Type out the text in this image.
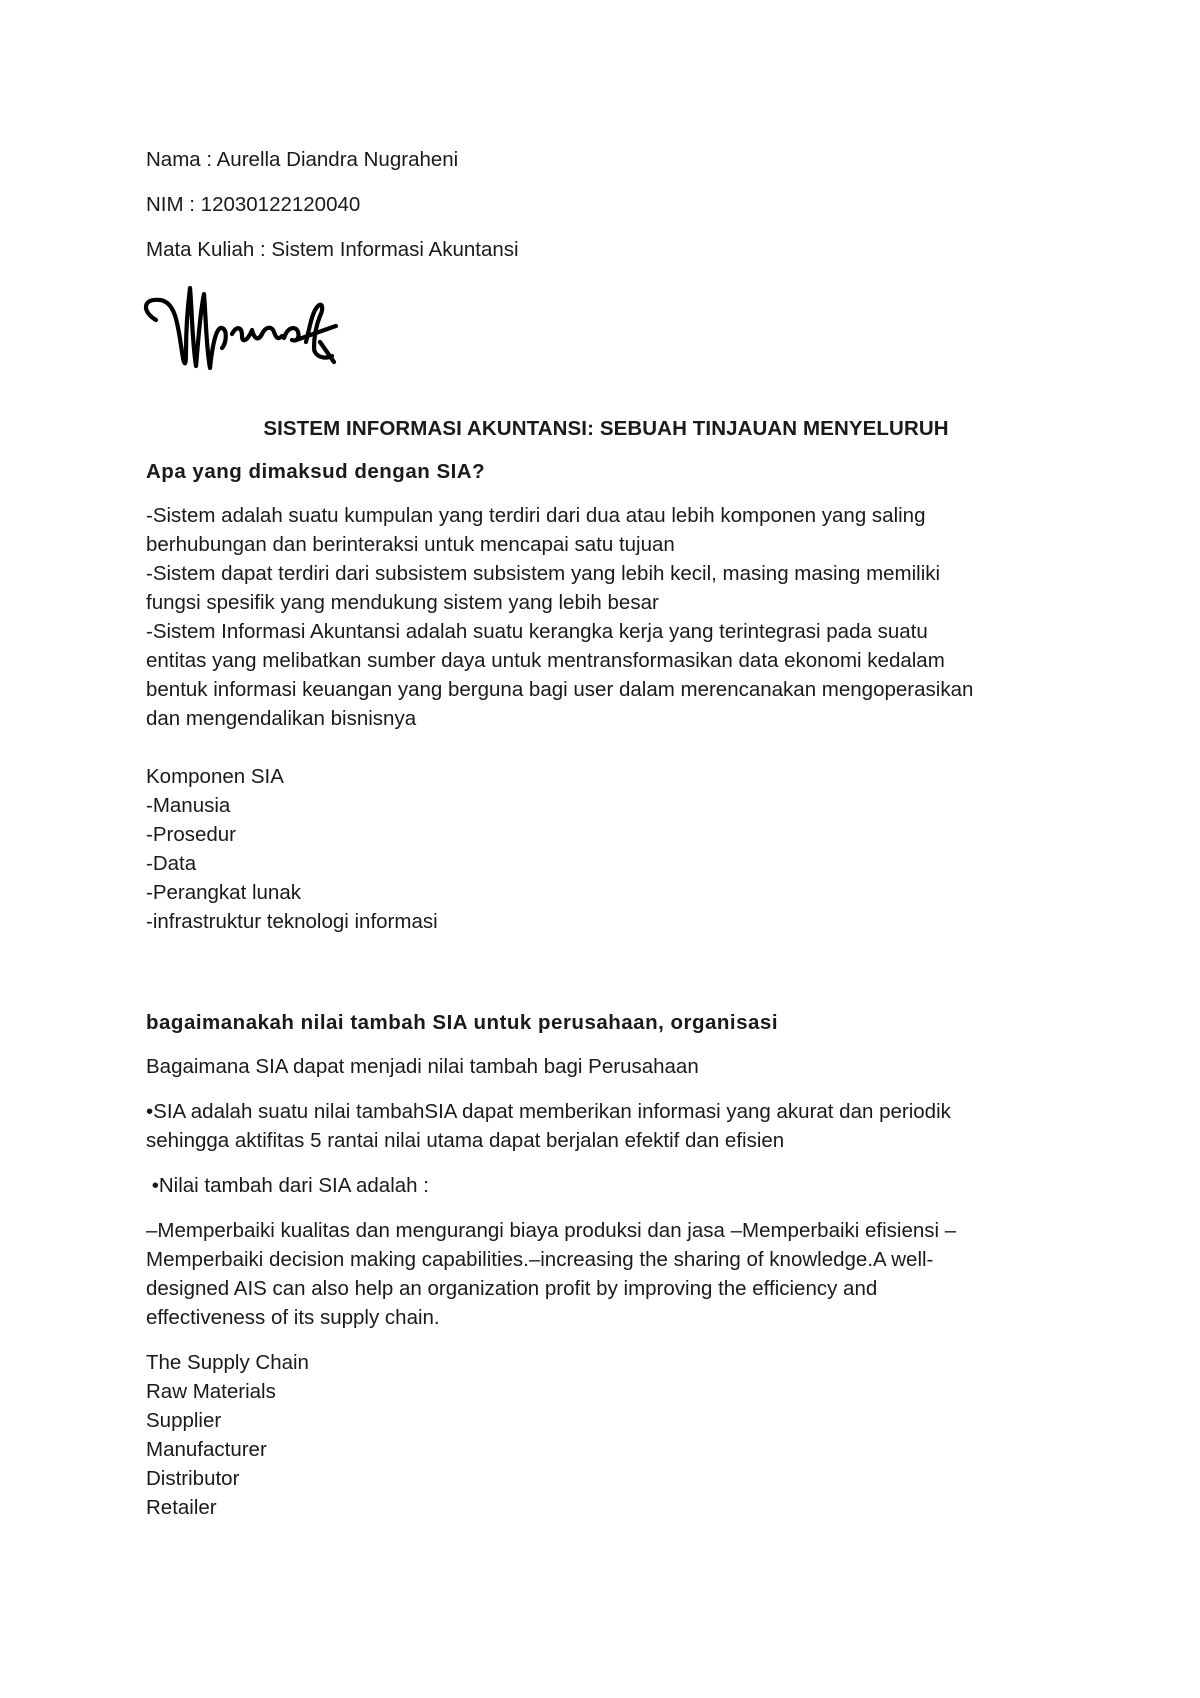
Nama : Aurella Diandra Nugraheni

NIM : 12030122120040

Mata Kuliah : Sistem Informasi Akuntansi

SISTEM INFORMASI AKUNTANSI: SEBUAH TINJAUAN MENYELURUH

Apa yang dimaksud dengan SIA?

-Sistem adalah suatu kumpulan yang terdiri dari dua atau lebih komponen yang saling

berhubungan dan berinteraksi untuk mencapai satu tujuan

-Sistem dapat terdiri dari subsistem subsistem yang lebih kecil, masing masing memiliki

fungsi spesifik yang mendukung sistem yang lebih besar

-Sistem Informasi Akuntansi adalah suatu kerangka kerja yang terintegrasi pada suatu

entitas yang melibatkan sumber daya untuk mentransformasikan data ekonomi kedalam

bentuk informasi keuangan yang berguna bagi user dalam merencanakan mengoperasikan

dan mengendalikan bisnisnya

Komponen SIA

-Manusia

-Prosedur

-Data

-Perangkat lunak

-infrastruktur teknologi informasi

bagaimanakah nilai tambah SIA untuk perusahaan, organisasi

Bagaimana SIA dapat menjadi nilai tambah bagi Perusahaan

•SIA adalah suatu nilai tambahSIA dapat memberikan informasi yang akurat dan periodik

sehingga aktifitas 5 rantai nilai utama dapat berjalan efektif dan efisien

•Nilai tambah dari SIA adalah :

–Memperbaiki kualitas dan mengurangi biaya produksi dan jasa –Memperbaiki efisiensi –

Memperbaiki decision making capabilities.–increasing the sharing of knowledge.A well-

designed AIS can also help an organization profit by improving the efficiency and

effectiveness of its supply chain.

The Supply Chain

Raw Materials

Supplier

Manufacturer

Distributor

Retailer
